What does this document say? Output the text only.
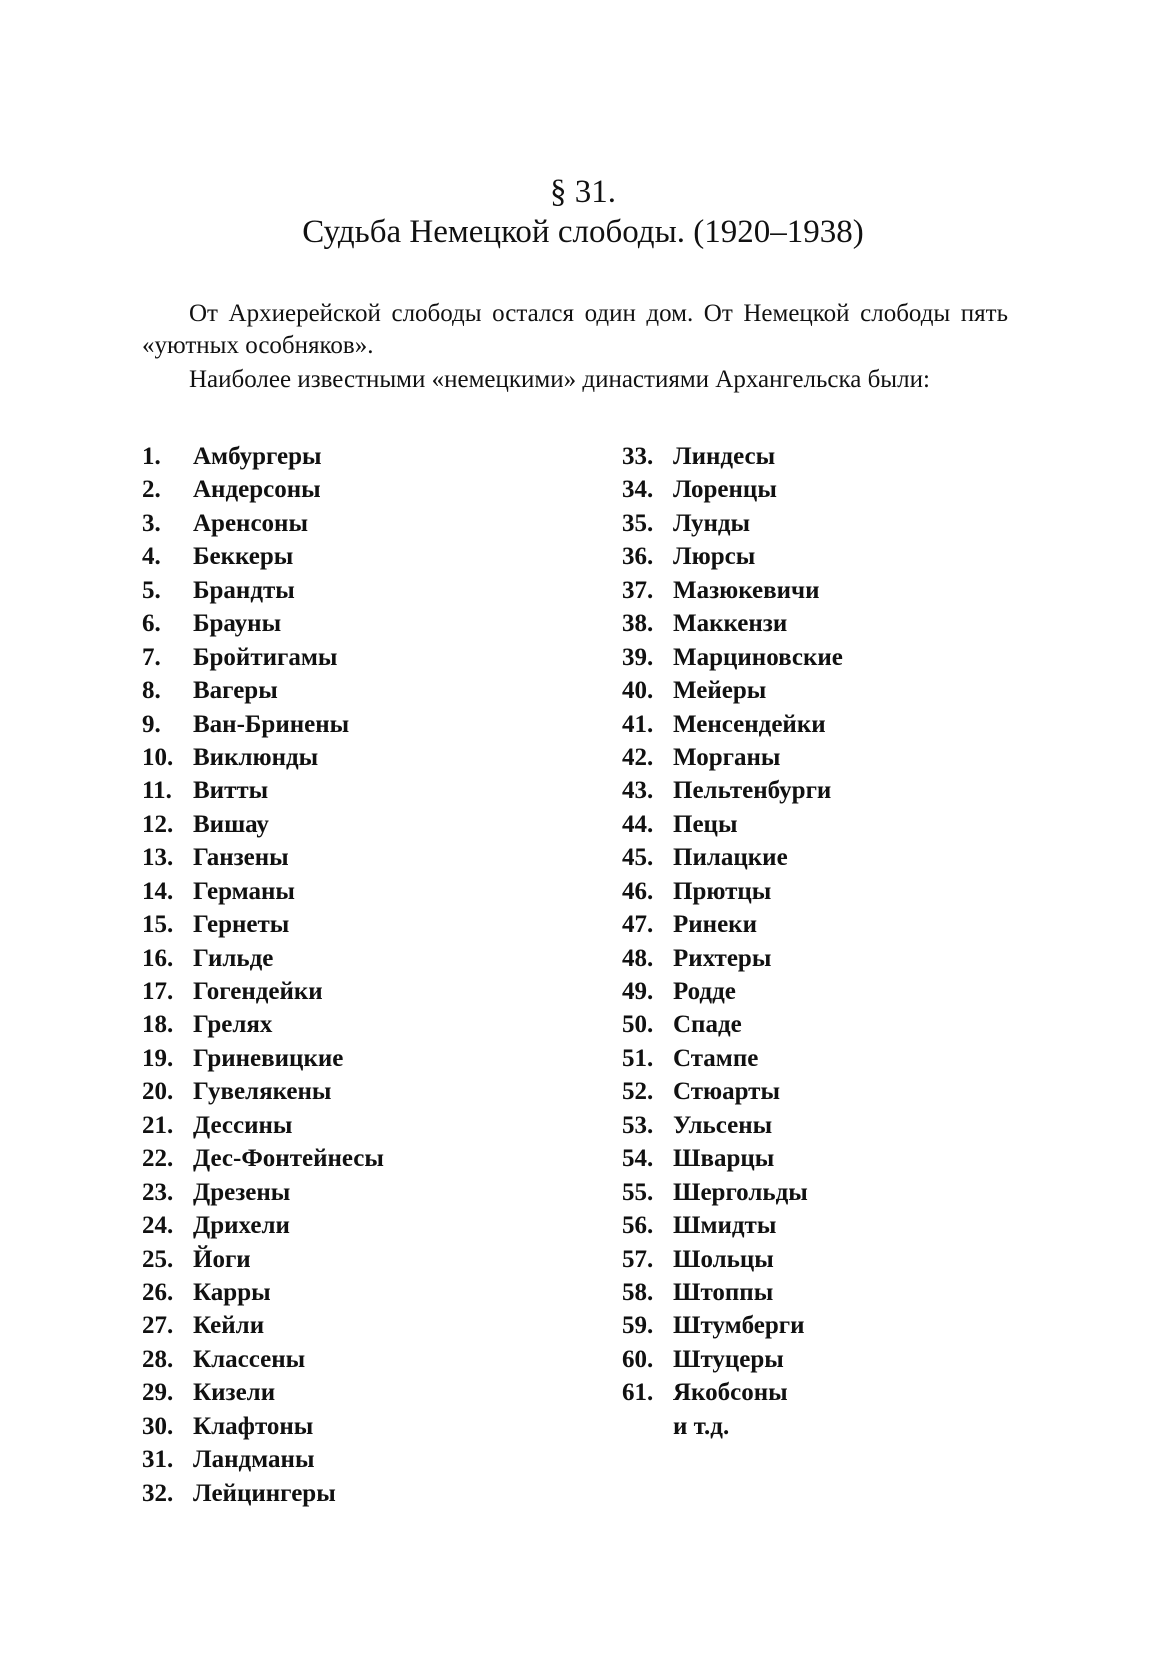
§ 31.
Судьба Немецкой слободы. (1920–1938)

От Архиерейской слободы остался один дом. От Немецкой слободы пять «уютных особняков».

Наиболее известными «немецкими» династиями Архангельска были:

1. Амбургеры
2. Андерсоны
3. Аренсоны
4. Беккеры
5. Брандты
6. Брауны
7. Бройтигамы
8. Вагеры
9. Ван-Бринены
10. Виклюнды
11. Витты
12. Вишау
13. Ганзены
14. Германы
15. Гернеты
16. Гильде
17. Гогендейки
18. Грелях
19. Гриневицкие
20. Гувелякены
21. Дессины
22. Дес-Фонтейнесы
23. Дрезены
24. Дрихели
25. Йоги
26. Карры
27. Кейли
28. Классены
29. Кизели
30. Клафтоны
31. Ландманы
32. Лейцингеры
33. Линдесы
34. Лоренцы
35. Лунды
36. Люрсы
37. Мазюкевичи
38. Маккензи
39. Марциновские
40. Мейеры
41. Менсендейки
42. Морганы
43. Пельтенбурги
44. Пецы
45. Пилацкие
46. Прютцы
47. Ринеки
48. Рихтеры
49. Родде
50. Спаде
51. Стампе
52. Стюарты
53. Ульсены
54. Шварцы
55. Шергольды
56. Шмидты
57. Шольцы
58. Штоппы
59. Штумберги
60. Штуцеры
61. Якобсоны
и т.д.
